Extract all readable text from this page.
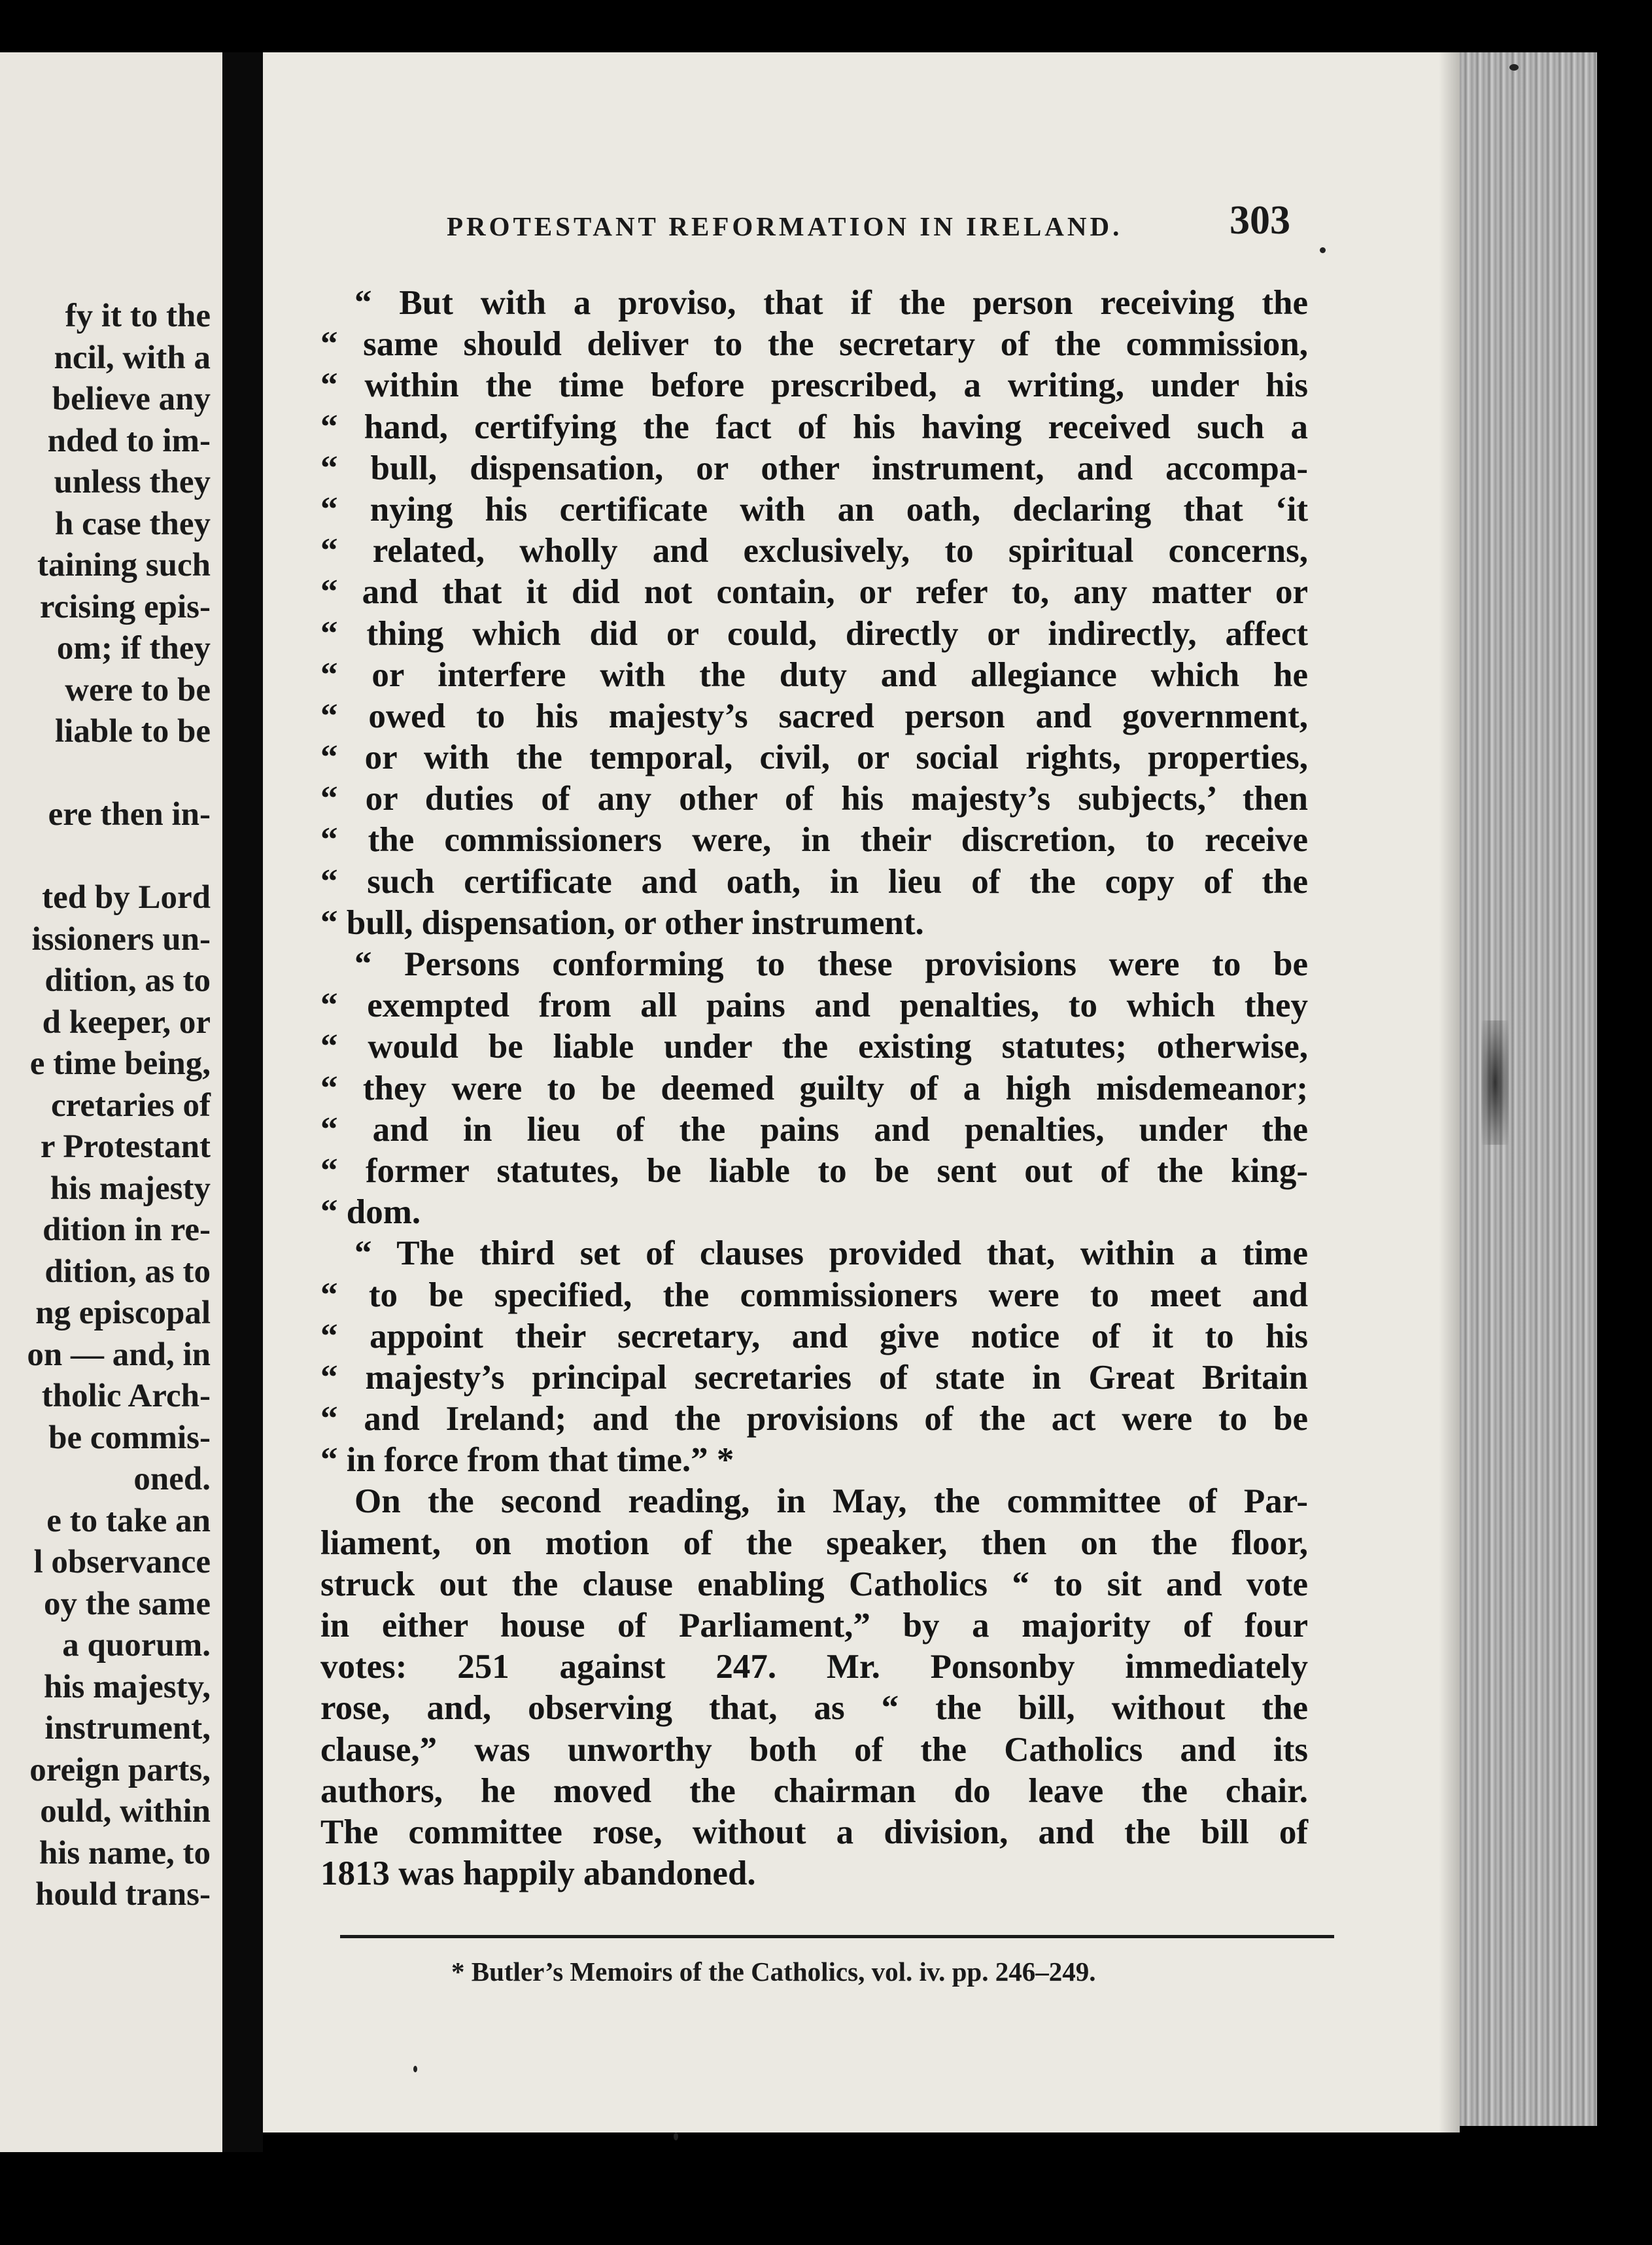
fy it to the
ncil, with a
believe any
nded to im-
unless they
h case they
taining such
rcising epis-
om; if they
were to be
liable to be
ere then in-
ted by Lord
issioners un-
dition, as to
d keeper, or
e time being,
cretaries of
r Protestant
his majesty
dition in re-
dition, as to
ng episcopal
on — and, in
tholic Arch-
be commis-
oned.
e to take an
l observance
oy the same
a quorum.
his majesty,
instrument,
oreign parts,
ould, within
his name, to
hould trans-
PROTESTANT REFORMATION IN IRELAND.	303
“ But with a proviso, that if the person receiving the
“ same should deliver to the secretary of the commission,
“ within the time before prescribed, a writing, under his
“ hand, certifying the fact of his having received such a
“ bull, dispensation, or other instrument, and accompa-
“ nying his certificate with an oath, declaring that ‘it
“ related, wholly and exclusively, to spiritual concerns,
“ and that it did not contain, or refer to, any matter or
“ thing which did or could, directly or indirectly, affect
“ or interfere with the duty and allegiance which he
“ owed to his majesty’s sacred person and government,
“ or with the temporal, civil, or social rights, properties,
“ or duties of any other of his majesty’s subjects,’ then
“ the commissioners were, in their discretion, to receive
“ such certificate and oath, in lieu of the copy of the
“ bull, dispensation, or other instrument.
“ Persons conforming to these provisions were to be
“ exempted from all pains and penalties, to which they
“ would be liable under the existing statutes; otherwise,
“ they were to be deemed guilty of a high misdemeanor;
“ and in lieu of the pains and penalties, under the
“ former statutes, be liable to be sent out of the king-
“ dom.
“ The third set of clauses provided that, within a time
“ to be specified, the commissioners were to meet and
“ appoint their secretary, and give notice of it to his
“ majesty’s principal secretaries of state in Great Britain
“ and Ireland; and the provisions of the act were to be
“ in force from that time.” *
On the second reading, in May, the committee of Par-
liament, on motion of the speaker, then on the floor,
struck out the clause enabling Catholics “ to sit and vote
in either house of Parliament,” by a majority of four
votes: 251 against 247. Mr. Ponsonby immediately
rose, and, observing that, as “ the bill, without the
clause,” was unworthy both of the Catholics and its
authors, he moved the chairman do leave the chair.
The committee rose, without a division, and the bill of
1813 was happily abandoned.
* Butler’s Memoirs of the Catholics, vol. iv. pp. 246–249.
